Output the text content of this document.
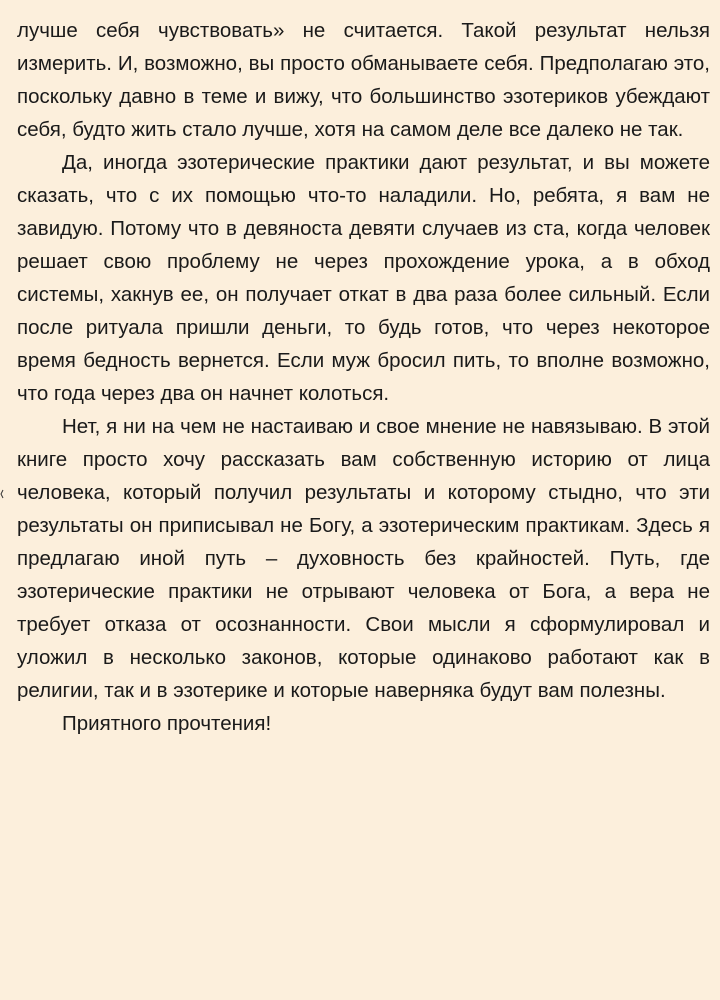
лучше себя чувствовать» не считается. Такой результат нельзя измерить. И, возможно, вы просто обманываете себя. Предполагаю это, поскольку давно в теме и вижу, что большинство эзотериков убеждают себя, будто жить стало лучше, хотя на самом деле все далеко не так.

Да, иногда эзотерические практики дают результат, и вы можете сказать, что с их помощью что-то наладили. Но, ребята, я вам не завидую. Потому что в девяноста девяти случаев из ста, когда человек решает свою проблему не через прохождение урока, а в обход системы, хакнув ее, он получает откат в два раза более сильный. Если после ритуала пришли деньги, то будь готов, что через некоторое время бедность вернется. Если муж бросил пить, то вполне возможно, что года через два он начнет колоться.

Нет, я ни на чем не настаиваю и свое мнение не навязываю. В этой книге просто хочу рассказать вам собственную историю от лица человека, который получил результаты и которому стыдно, что эти результаты он приписывал не Богу, а эзотерическим практикам. Здесь я предлагаю иной путь – духовность без крайностей. Путь, где эзотерические практики не отрывают человека от Бога, а вера не требует отказа от осознанности. Свои мысли я сформулировал и уложил в несколько законов, которые одинаково работают как в религии, так и в эзотерике и которые наверняка будут вам полезны.

Приятного прочтения!
